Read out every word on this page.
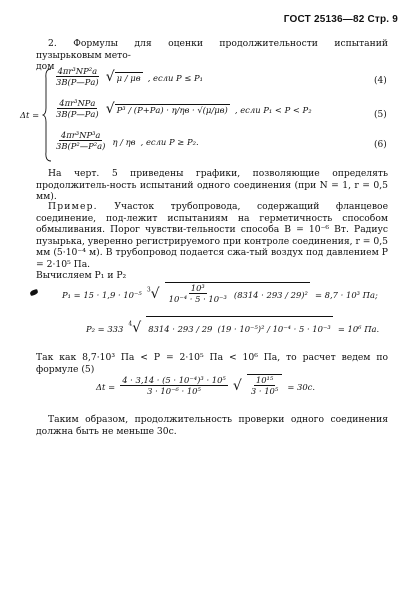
ГОСТ 25136—82 Стр. 9
2. Формулы для оценки продолжительности испытаний пузырьковым мето-
дом
Δt =
$\frac{\text{4πr³NP²а}}{3B(P—Pа)}$ √ μ / μв , если P ≤ P₁	(4)
$\frac{\text{4πr³NPа}}{3B(P—Pа)}$ √ P³ / (P+Pа) · η/ηв · √(μ/μв) , если P₁ < P < P₂	(5)
$\frac{\text{4πr³NP³а}}{\text{3B(P²—P²а)}}$ η / ηв , если P ≥ P₂.	(6)
На черт. 5 приведены графики, позволяющие определять продолжитель-ность испытаний одного соединения (при N = 1, r = 0,5 мм).
Пример. Участок трубопровода, содержащий фланцевое соединение, под-лежит испытаниям на герметичность способом обмыливания. Порог чувстви-тельности способа B = 10⁻⁶ Вт. Радиус пузырька, уверенно регистрируемого при контроле соединения, r = 0,5 мм (5·10⁻⁴ м). В трубопровод подается сжа-тый воздух под давлением P = 2·10⁵ Па.
Вычисляем P₁ и P₂
P₁ = 15 · 1,9 · 10⁻⁵ $^3√ \frac{\text{10³}}{\text{10⁻⁴ · 5 · 10⁻³}} (8314 \cdot 293 / 29)^2 = 8,7 \cdot 10^3$ Па;
P₂ = 333 $^4$√ 8314 · 293 / 29 (19 · 10⁻⁵)² / 10⁻⁴ · 5 · 10⁻³ = 10⁶ Па.
Так как 8,7·10³ Па < P = 2·10⁵ Па < 10⁶ Па, то расчет ведем по формуле (5)
$\Delta t = \frac{\text{4 · 3,14 · (5 · 10⁻⁴)³ · 10⁵}}{\text{3 · 10⁻⁶ · 10⁵}}$ √ $\frac{\text{10¹⁵}}{\text{3 · 10⁵}} = 30с$.
Таким образом, продолжительность проверки одного соединения должна быть не меньше 30с.
